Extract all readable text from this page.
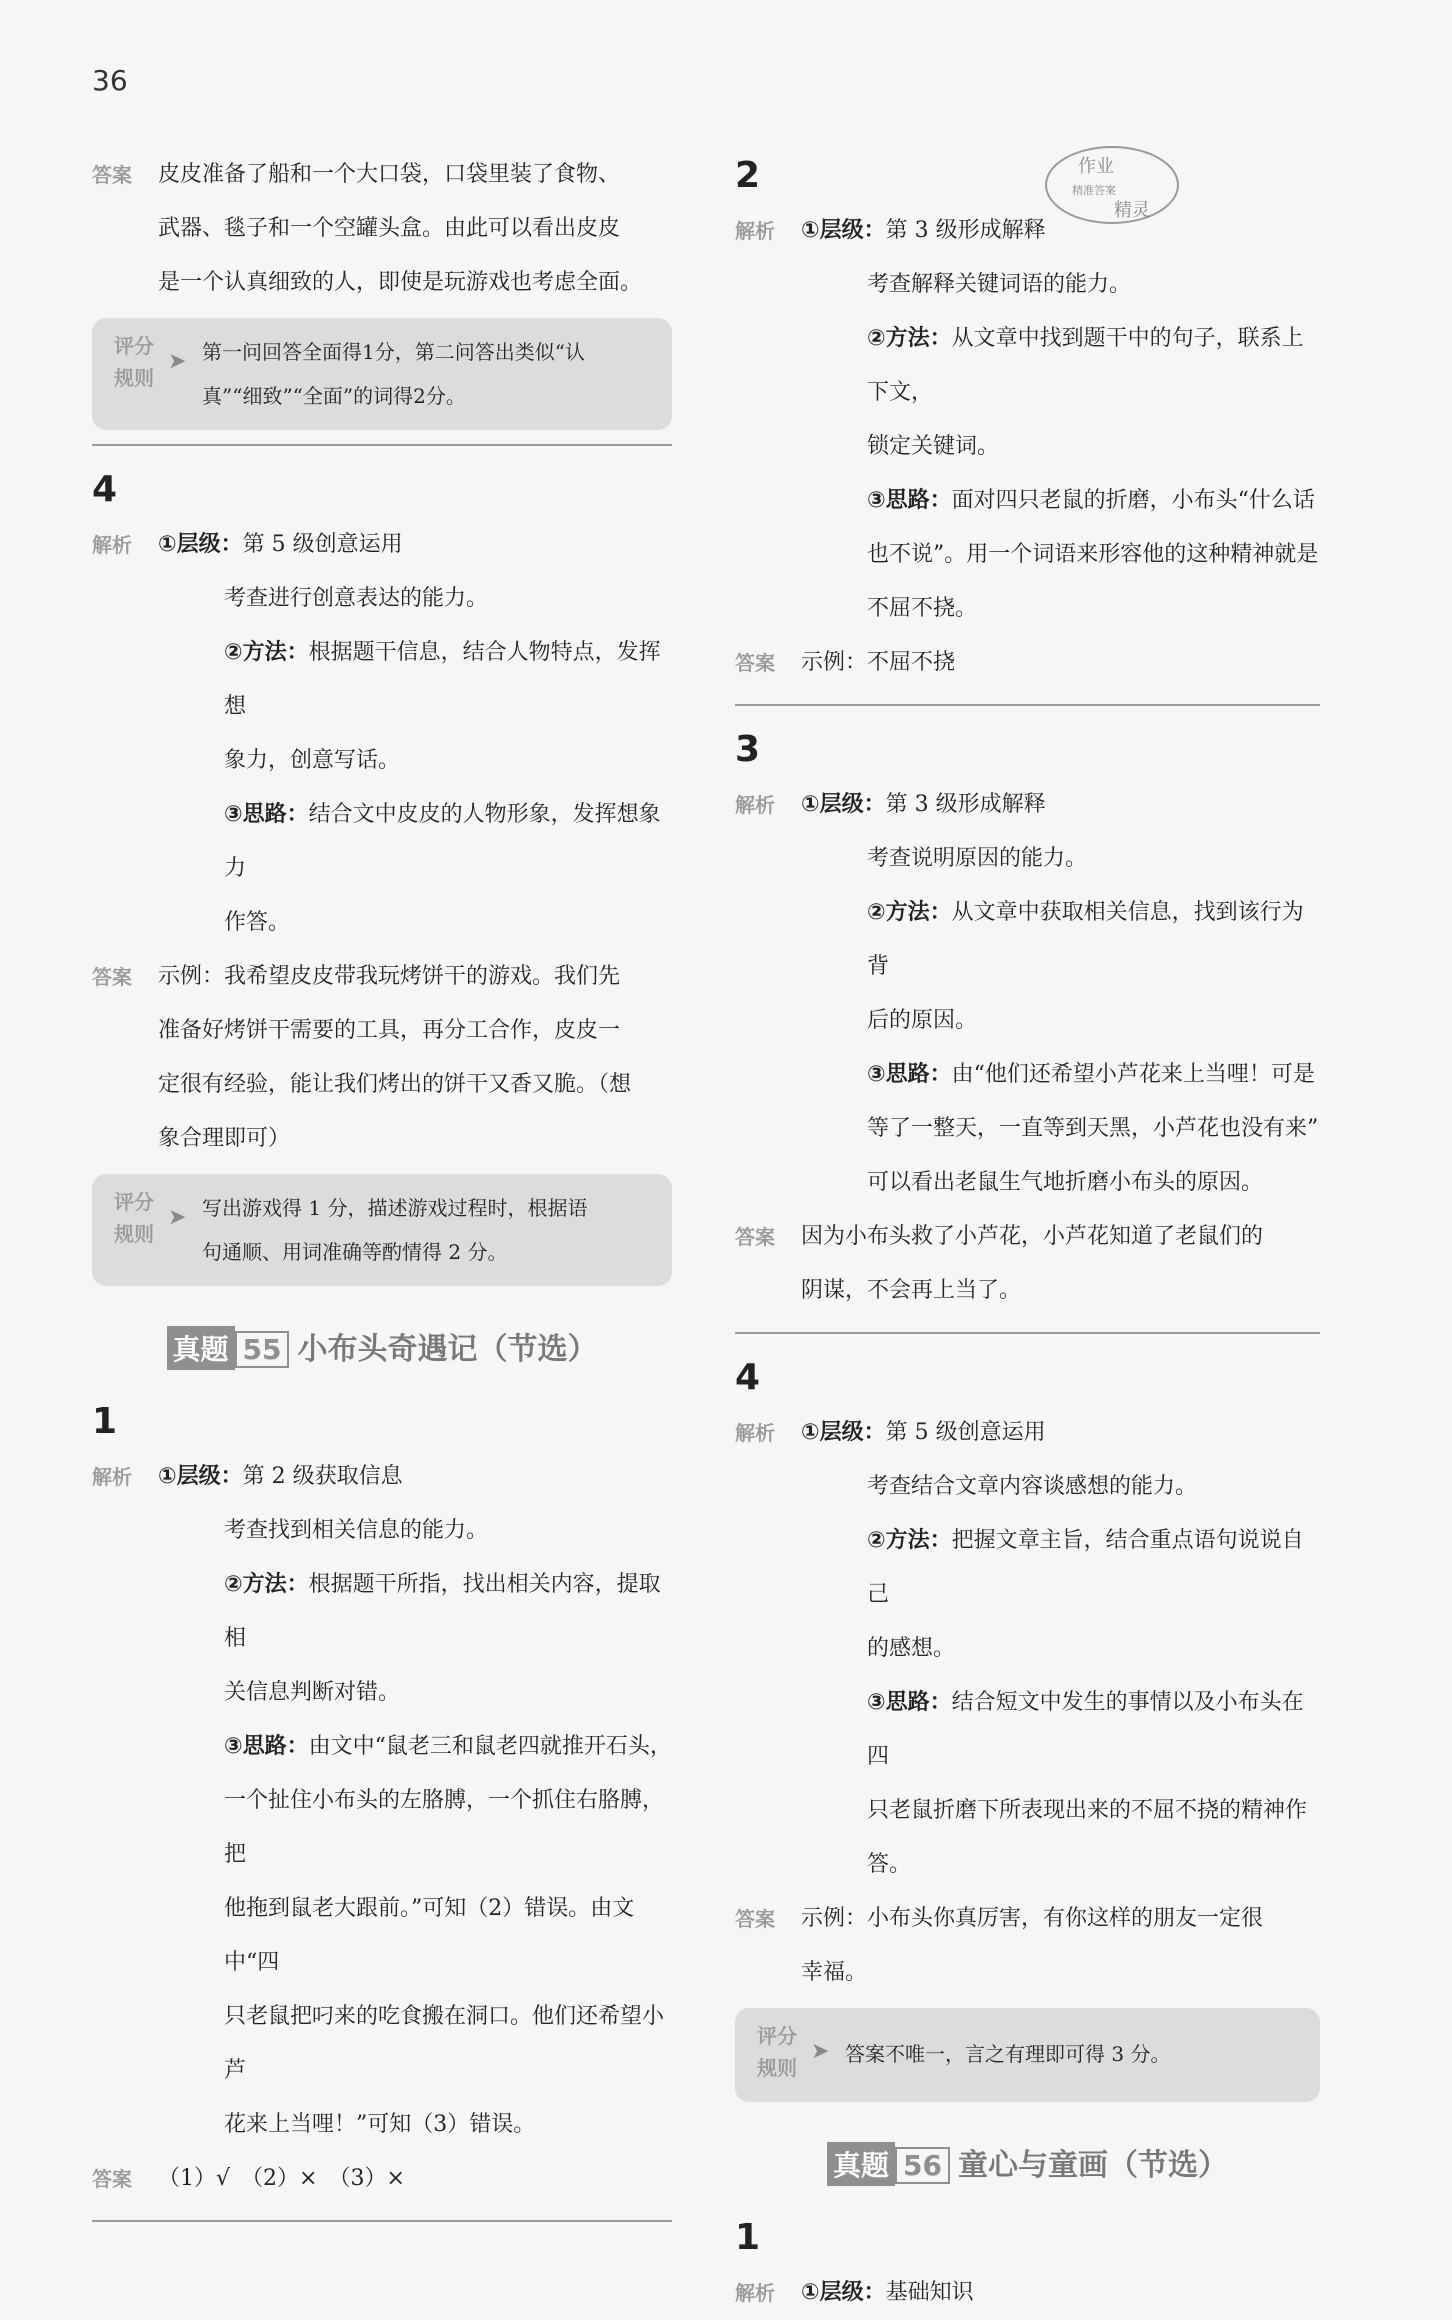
36
作业
精准答案
精灵
答案 皮皮准备了船和一个大口袋，口袋里装了食物、
武器、毯子和一个空罐头盒。由此可以看出皮皮
是一个认真细致的人，即使是玩游戏也考虑全面。
评分
规则
➤ 第一问回答全面得1分，第二问答出类似“认
真”“细致”“全面”的词得2分。
4
解析 ①层级：第 5 级创意运用
考查进行创意表达的能力。
②方法：根据题干信息，结合人物特点，发挥想
象力，创意写话。
③思路：结合文中皮皮的人物形象，发挥想象力
作答。
答案 示例：我希望皮皮带我玩烤饼干的游戏。我们先
准备好烤饼干需要的工具，再分工合作，皮皮一
定很有经验，能让我们烤出的饼干又香又脆。（想
象合理即可）
评分
规则
➤ 写出游戏得 1 分，描述游戏过程时，根据语
句通顺、用词准确等酌情得 2 分。
真题 55 小布头奇遇记（节选）
1
解析 ①层级：第 2 级获取信息
考查找到相关信息的能力。
②方法：根据题干所指，找出相关内容，提取相
关信息判断对错。
③思路：由文中“鼠老三和鼠老四就推开石头，
一个扯住小布头的左胳膊，一个抓住右胳膊，把
他拖到鼠老大跟前。”可知（2）错误。由文中“四
只老鼠把叼来的吃食搬在洞口。他们还希望小芦
花来上当哩！”可知（3）错误。
答案 （1）√　（2）×　（3）×
2
解析 ①层级：第 3 级形成解释
考查解释关键词语的能力。
②方法：从文章中找到题干中的句子，联系上下文，
锁定关键词。
③思路：面对四只老鼠的折磨，小布头“什么话
也不说”。用一个词语来形容他的这种精神就是
不屈不挠。
答案 示例：不屈不挠
3
解析 ①层级：第 3 级形成解释
考查说明原因的能力。
②方法：从文章中获取相关信息，找到该行为背
后的原因。
③思路：由“他们还希望小芦花来上当哩！可是
等了一整天，一直等到天黑，小芦花也没有来”
可以看出老鼠生气地折磨小布头的原因。
答案 因为小布头救了小芦花，小芦花知道了老鼠们的
阴谋，不会再上当了。
4
解析 ①层级：第 5 级创意运用
考查结合文章内容谈感想的能力。
②方法：把握文章主旨，结合重点语句说说自己
的感想。
③思路：结合短文中发生的事情以及小布头在四
只老鼠折磨下所表现出来的不屈不挠的精神作答。
答案 示例：小布头你真厉害，有你这样的朋友一定很
幸福。
评分
规则
➤ 答案不唯一，言之有理即可得 3 分。
真题 56 童心与童画（节选）
1
解析 ①层级：基础知识
